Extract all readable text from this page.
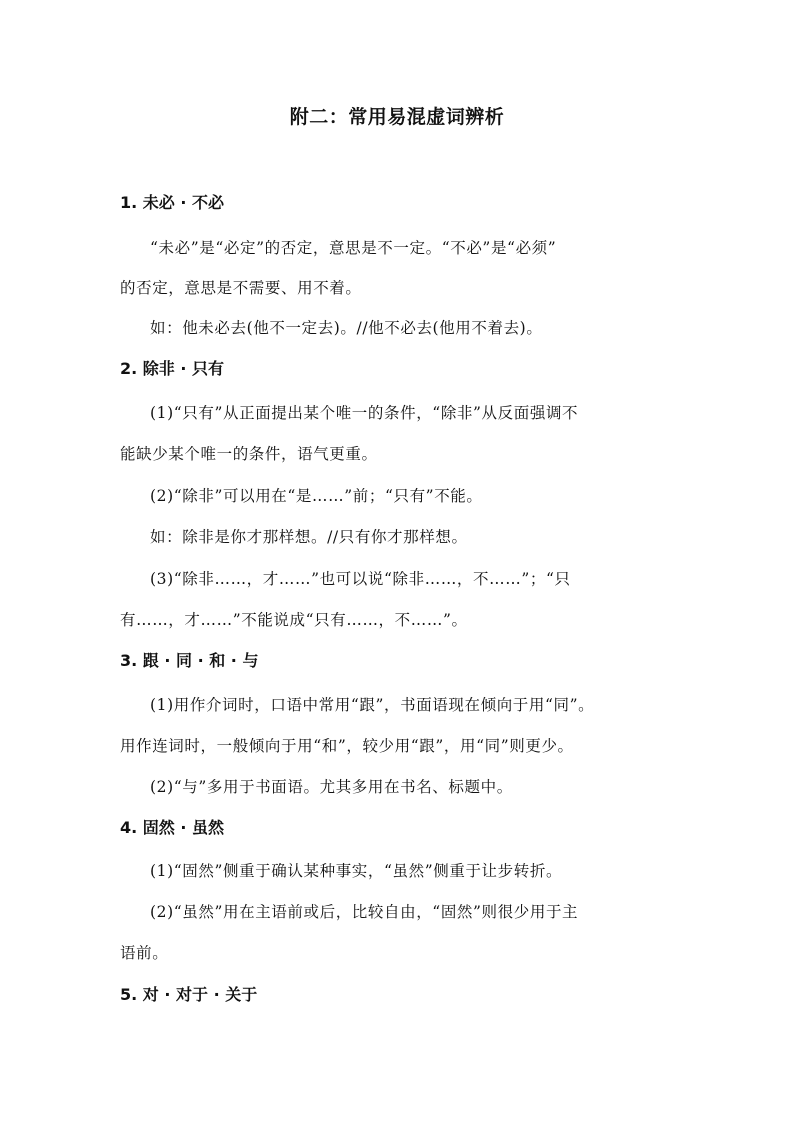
附二：常用易混虚词辨析
1. 未必 · 不必
“未必”是“必定”的否定，意思是不一定。“不必”是“必须”
的否定，意思是不需要、用不着。
如：他未必去(他不一定去)。//他不必去(他用不着去)。
2. 除非 · 只有
(1)“只有”从正面提出某个唯一的条件，“除非”从反面强调不
能缺少某个唯一的条件，语气更重。
(2)“除非”可以用在“是……”前；“只有”不能。
如：除非是你才那样想。//只有你才那样想。
(3)“除非……，才……”也可以说“除非……，不……”；“只
有……，才……”不能说成“只有……，不……”。
3. 跟 · 同 · 和 · 与
(1)用作介词时，口语中常用“跟”，书面语现在倾向于用“同”。
用作连词时，一般倾向于用“和”，较少用“跟”，用“同”则更少。
(2)“与”多用于书面语。尤其多用在书名、标题中。
4. 固然 · 虽然
(1)“固然”侧重于确认某种事实，“虽然”侧重于让步转折。
(2)“虽然”用在主语前或后，比较自由，“固然”则很少用于主
语前。
5. 对 · 对于 · 关于
